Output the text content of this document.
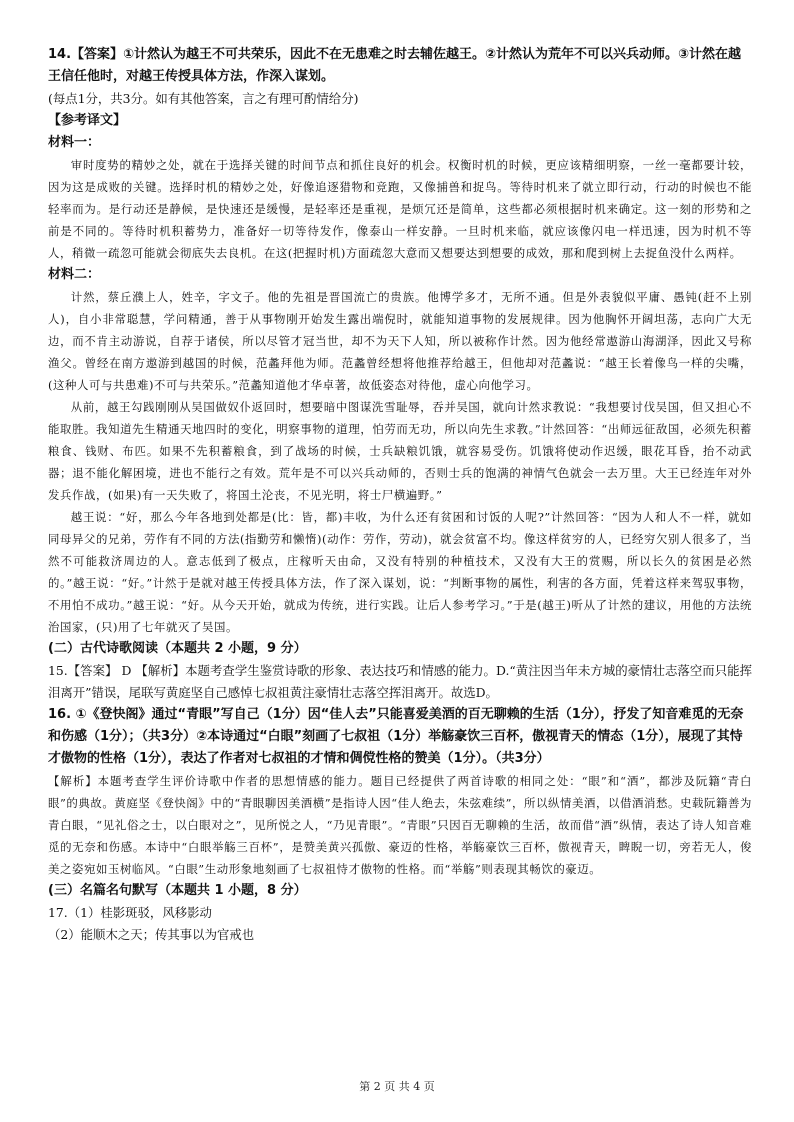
14.【答案】①计然认为越王不可共荣乐，因此不在无患难之时去辅佐越王。②计然认为荒年不可以兴兵动师。③计然在越王信任他时，对越王传授具体方法，作深入谋划。

(每点1分，共3分。如有其他答案，言之有理可酌情给分)

【参考译文】

材料一：

审时度势的精妙之处，就在于选择关键的时间节点和抓住良好的机会。权衡时机的时候，更应该精细明察，一丝一毫都要计较，因为这是成败的关键。选择时机的精妙之处，好像追逐猎物和竞跑，又像捕兽和捉鸟。等待时机来了就立即行动，行动的时候也不能轻率而为。是行动还是静候，是快速还是缓慢，是轻率还是重视，是烦冗还是简单，这些都必须根据时机来确定。这一刻的形势和之前是不同的。等待时机积蓄势力，准备好一切等待发作，像泰山一样安静。一旦时机来临，就应该像闪电一样迅速，因为时机不等人，稍微一疏忽可能就会彻底失去良机。在这(把握时机)方面疏忽大意而又想要达到想要的成效，那和爬到树上去捉鱼没什么两样。

材料二：

计然，蔡丘濮上人，姓辛，字文子。他的先祖是晋国流亡的贵族。他博学多才，无所不通。但是外表貌似平庸、愚钝(赶不上别人)，自小非常聪慧，学问精通，善于从事物刚开始发生露出端倪时，就能知道事物的发展规律。因为他胸怀开阔坦荡，志向广大无边，而不肯主动游说，自荐于诸侯，所以尽管才冠当世，却不为天下人知，所以被称作计然。因为他经常遨游山海湖泽，因此又号称渔父。曾经在南方遨游到越国的时候，范蠡拜他为师。范蠡曾经想将他推荐给越王，但他却对范蠡说：“越王长着像鸟一样的尖嘴，(这种人可与共患难)不可与共荣乐。”范蠡知道他才华卓著，故低姿态对待他，虚心向他学习。

从前，越王勾践刚刚从吴国做奴仆返回时，想要暗中图谋洗雪耻辱，吞并吴国，就向计然求教说：“我想要讨伐吴国，但又担心不能取胜。我知道先生精通天地四时的变化，明察事物的道理，怕劳而无功，所以向先生求教。”计然回答：“出师远征敌国，必须先积蓄粮食、钱财、布匹。如果不先积蓄粮食，到了战场的时候，士兵缺粮饥饿，就容易受伤。饥饿将使动作迟缓，眼花耳昏，抬不动武器；退不能化解困境，进也不能行之有效。荒年是不可以兴兵动师的，否则士兵的饱满的神情气色就会一去万里。大王已经连年对外发兵作战，(如果)有一天失败了，将国土沦丧，不见光明，将士尸横遍野。”

越王说：“好，那么今年各地到处都是(比：皆，都)丰收，为什么还有贫困和讨饭的人呢?”计然回答：“因为人和人不一样，就如同母异父的兄弟，劳作有不同的方法(指勤劳和懒惰)(动作：劳作，劳动)，就会贫富不均。像这样贫穷的人，已经穷欠别人很多了，当然不可能救济周边的人。意志低到了极点，庄稼听天由命，又没有特别的种植技术，又没有大王的赏赐，所以长久的贫困是必然的。”越王说：“好。”计然于是就对越王传授具体方法，作了深入谋划，说：“判断事物的属性，利害的各方面，凭着这样来驾驭事物，不用怕不成功。”越王说：“好。从今天开始，就成为传统，进行实践。让后人参考学习。”于是(越王)听从了计然的建议，用他的方法统治国家，(只)用了七年就灭了吴国。

(二）古代诗歌阅读（本题共 2 小题，9 分）

15.【答案】 D 【解析】本题考查学生鉴赏诗歌的形象、表达技巧和情感的能力。D.“黄注因当年未方城的豪情壮志落空而只能挥泪离开”错误，尾联写黄庭坚自己感悼七叔祖黄注豪情壮志落空挥泪离开。故选D。

16. ①《登快阁》通过“青眼”写自己（1分）因“佳人去”只能喜爱美酒的百无聊赖的生活（1分），抒发了知音难觅的无奈和伤感（1分）；（共3分）②本诗通过“白眼”刻画了七叔祖（1分）举觞豪饮三百杯，傲视青天的情态（1分），展现了其恃才傲物的性格（1分），表达了作者对七叔祖的才情和倜傥性格的赞美（1分）。（共3分）

【解析】本题考查学生评价诗歌中作者的思想情感的能力。题目已经提供了两首诗歌的相同之处：“眼”和“酒”，都涉及阮籍“青白眼”的典故。黄庭坚《登快阁》中的“青眼聊因美酒横”是指诗人因“佳人绝去，朱弦难续”，所以纵情美酒，以借酒消愁。史载阮籍善为青白眼，“见礼俗之士，以白眼对之”，见所悦之人，“乃见青眼”。“青眼”只因百无聊赖的生活，故而借“酒”纵情，表达了诗人知音难觅的无奈和伤感。本诗中“白眼举觞三百杯”，是赞美黄兴孤傲、豪迈的性格，举觞豪饮三百杯，傲视青天，睥睨一切，旁若无人，俊美之姿宛如玉树临风。“白眼”生动形象地刻画了七叔祖恃才傲物的性格。而“举觞”则表现其畅饮的豪迈。

(三）名篇名句默写（本题共 1 小题，8 分）

17.（1）桂影斑驳，风移影动

（2）能顺木之天；传其事以为官戒也

第 2 页 共 4 页
